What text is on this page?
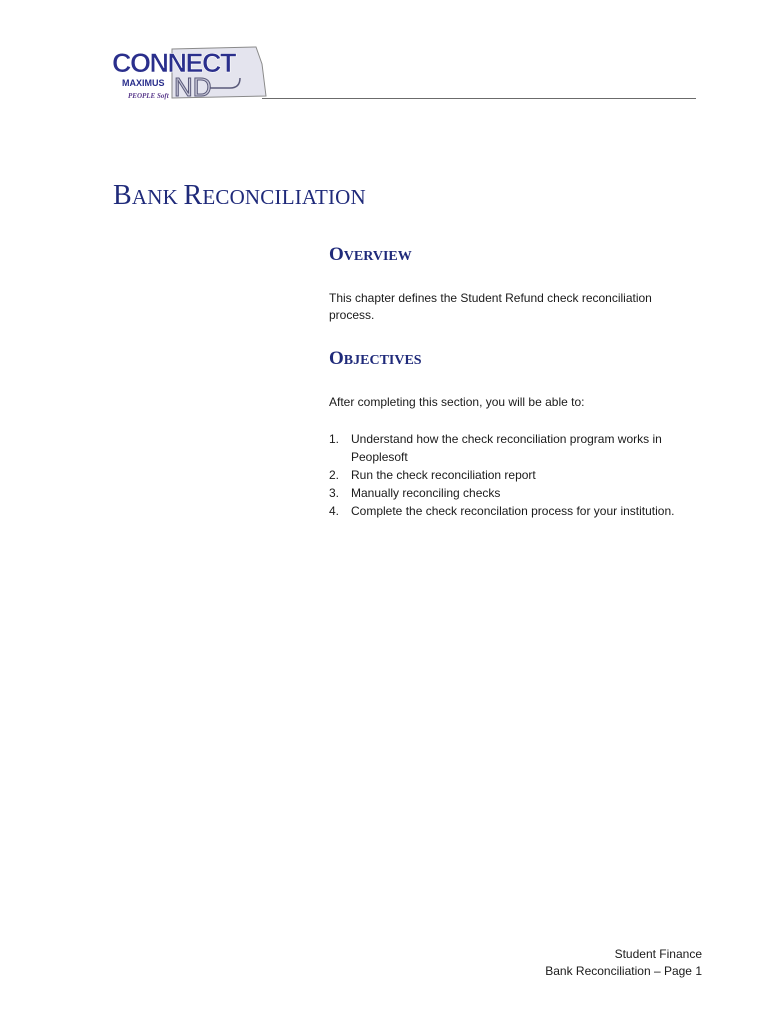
CONNECT
MAXIMUS
PEOPLE Soft ND
BANK RECONCILIATION
OVERVIEW

This chapter defines the Student Refund check reconciliation process.

OBJECTIVES

After completing this section, you will be able to:

1. Understand how the check reconciliation program works in Peoplesoft
2. Run the check reconciliation report
3. Manually reconciling checks
4. Complete the check reconcilation process for your institution.
Student Finance
Bank Reconciliation – Page 1
